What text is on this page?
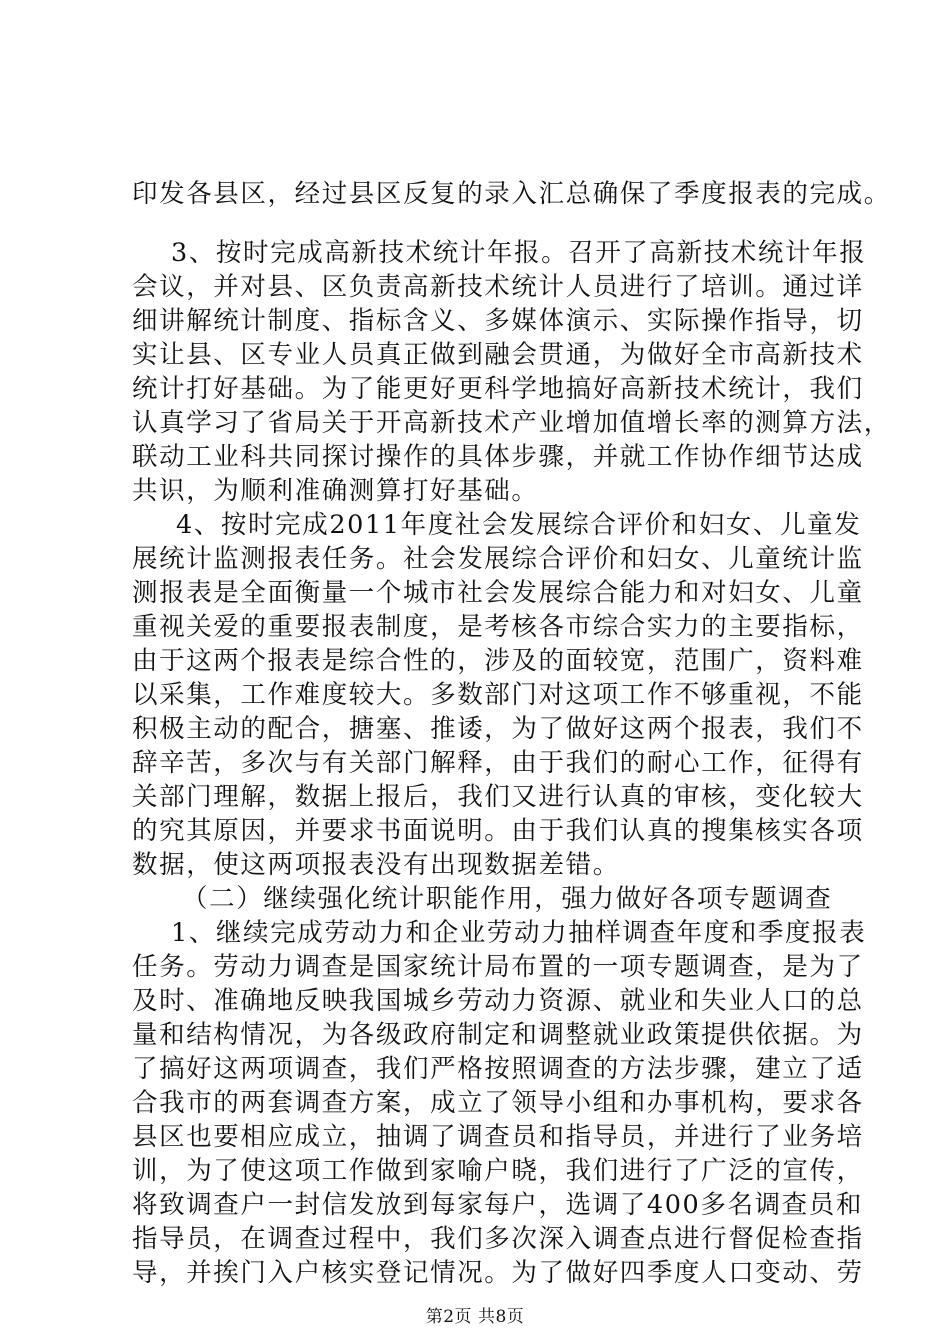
印发各县区，经过县区反复的录入汇总确保了季度报表的完成。
3、按时完成高新技术统计年报。召开了高新技术统计年报
会议，并对县、区负责高新技术统计人员进行了培训。通过详
细讲解统计制度、指标含义、多媒体演示、实际操作指导，切
实让县、区专业人员真正做到融会贯通，为做好全市高新技术
统计打好基础。为了能更好更科学地搞好高新技术统计，我们
认真学习了省局关于开高新技术产业增加值增长率的测算方法，
联动工业科共同探讨操作的具体步骤，并就工作协作细节达成
共识，为顺利准确测算打好基础。
4、按时完成2011年度社会发展综合评价和妇女、儿童发
展统计监测报表任务。社会发展综合评价和妇女、儿童统计监
测报表是全面衡量一个城市社会发展综合能力和对妇女、儿童
重视关爱的重要报表制度，是考核各市综合实力的主要指标，
由于这两个报表是综合性的，涉及的面较宽，范围广，资料难
以采集，工作难度较大。多数部门对这项工作不够重视，不能
积极主动的配合，搪塞、推诿，为了做好这两个报表，我们不
辞辛苦，多次与有关部门解释，由于我们的耐心工作，征得有
关部门理解，数据上报后，我们又进行认真的审核，变化较大
的究其原因，并要求书面说明。由于我们认真的搜集核实各项
数据，使这两项报表没有出现数据差错。
（二）继续强化统计职能作用，强力做好各项专题调查
1、继续完成劳动力和企业劳动力抽样调查年度和季度报表
任务。劳动力调查是国家统计局布置的一项专题调查，是为了
及时、准确地反映我国城乡劳动力资源、就业和失业人口的总
量和结构情况，为各级政府制定和调整就业政策提供依据。为
了搞好这两项调查，我们严格按照调查的方法步骤，建立了适
合我市的两套调查方案，成立了领导小组和办事机构，要求各
县区也要相应成立，抽调了调查员和指导员，并进行了业务培
训，为了使这项工作做到家喻户晓，我们进行了广泛的宣传，
将致调查户一封信发放到每家每户，选调了400多名调查员和
指导员，在调查过程中，我们多次深入调查点进行督促检查指
导，并挨门入户核实登记情况。为了做好四季度人口变动、劳
第2页 共8页
